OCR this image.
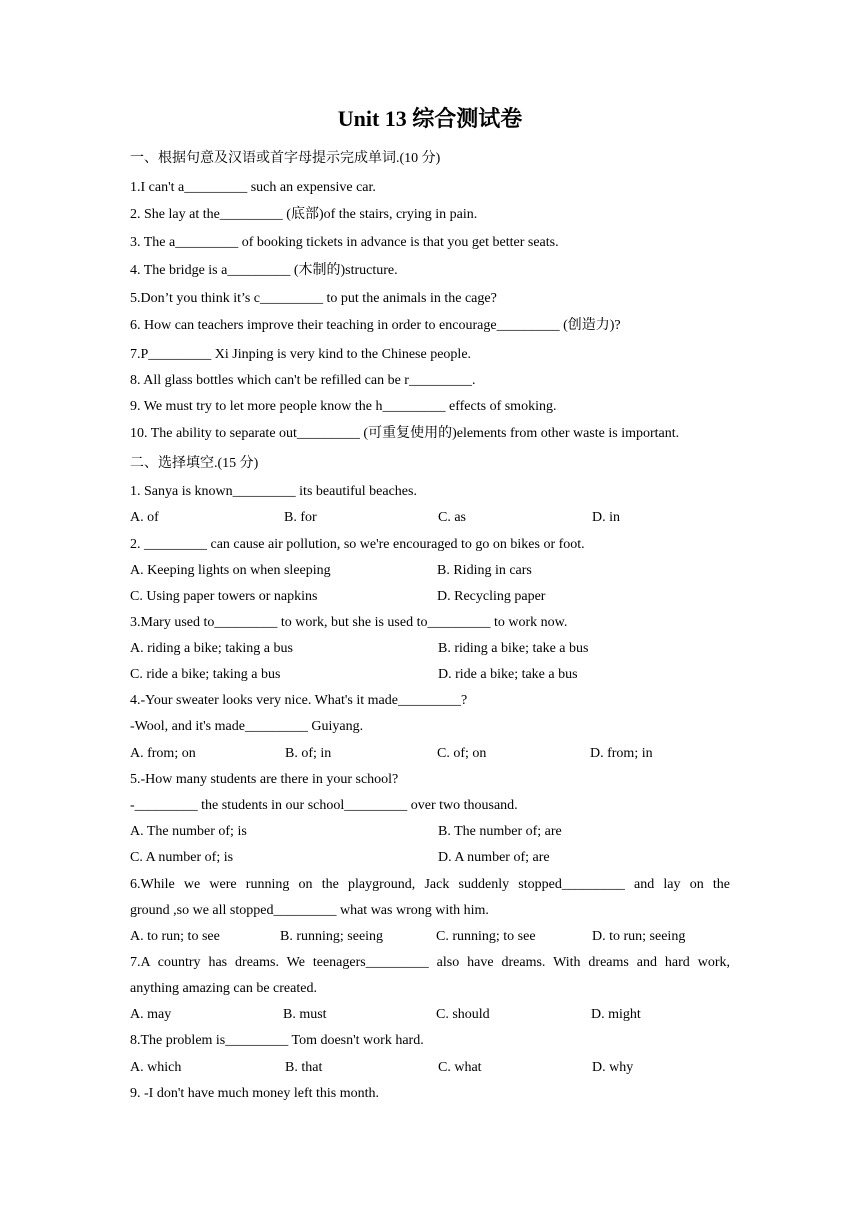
Unit 13 综合测试卷
一、根据句意及汉语或首字母提示完成单词.(10 分)
1.I can't a_________ such an expensive car.
2. She lay at the_________ (底部)of the stairs, crying in pain.
3. The a_________ of booking tickets in advance is that you get better seats.
4. The bridge is a_________ (木制的)structure.
5.Don’t you think it’s c_________ to put the animals in the cage?
6. How can teachers improve their teaching in order to encourage_________ (创造力)?
7.P_________ Xi Jinping is very kind to the Chinese people.
8. All glass bottles which can't be refilled can be r_________.
9. We must try to let more people know the h_________ effects of smoking.
10. The ability to separate out_________ (可重复使用的)elements from other waste is important.
二、选择填空.(15 分)
1. Sanya is known_________ its beautiful beaches.
A. of	B. for	C. as	D. in
2. _________ can cause air pollution, so we're encouraged to go on bikes or foot.
A. Keeping lights on when sleeping	B. Riding in cars
C. Using paper towers or napkins	D. Recycling paper
3.Mary used to_________ to work, but she is used to_________ to work now.
A. riding a bike; taking a bus	B. riding a bike; take a bus
C. ride a bike; taking a bus	D. ride a bike; take a bus
4.-Your sweater looks very nice. What's it made_________?
-Wool, and it's made_________ Guiyang.
A. from; on	B. of; in	C. of; on	D. from; in
5.-How many students are there in your school?
-_________ the students in our school_________ over two thousand.
A. The number of; is	B. The number of; are
C. A number of; is	D. A number of; are
6.While we were running on the playground, Jack suddenly stopped_________ and lay on the
ground ,so we all stopped_________ what was wrong with him.
A. to run; to see	B. running; seeing	C. running; to see	D. to run; seeing
7.A country has dreams. We teenagers_________ also have dreams. With dreams and hard work,
anything amazing can be created.
A. may	B. must	C. should	D. might
8.The problem is_________ Tom doesn't work hard.
A. which	B. that	C. what	D. why
9. -I don't have much money left this month.
